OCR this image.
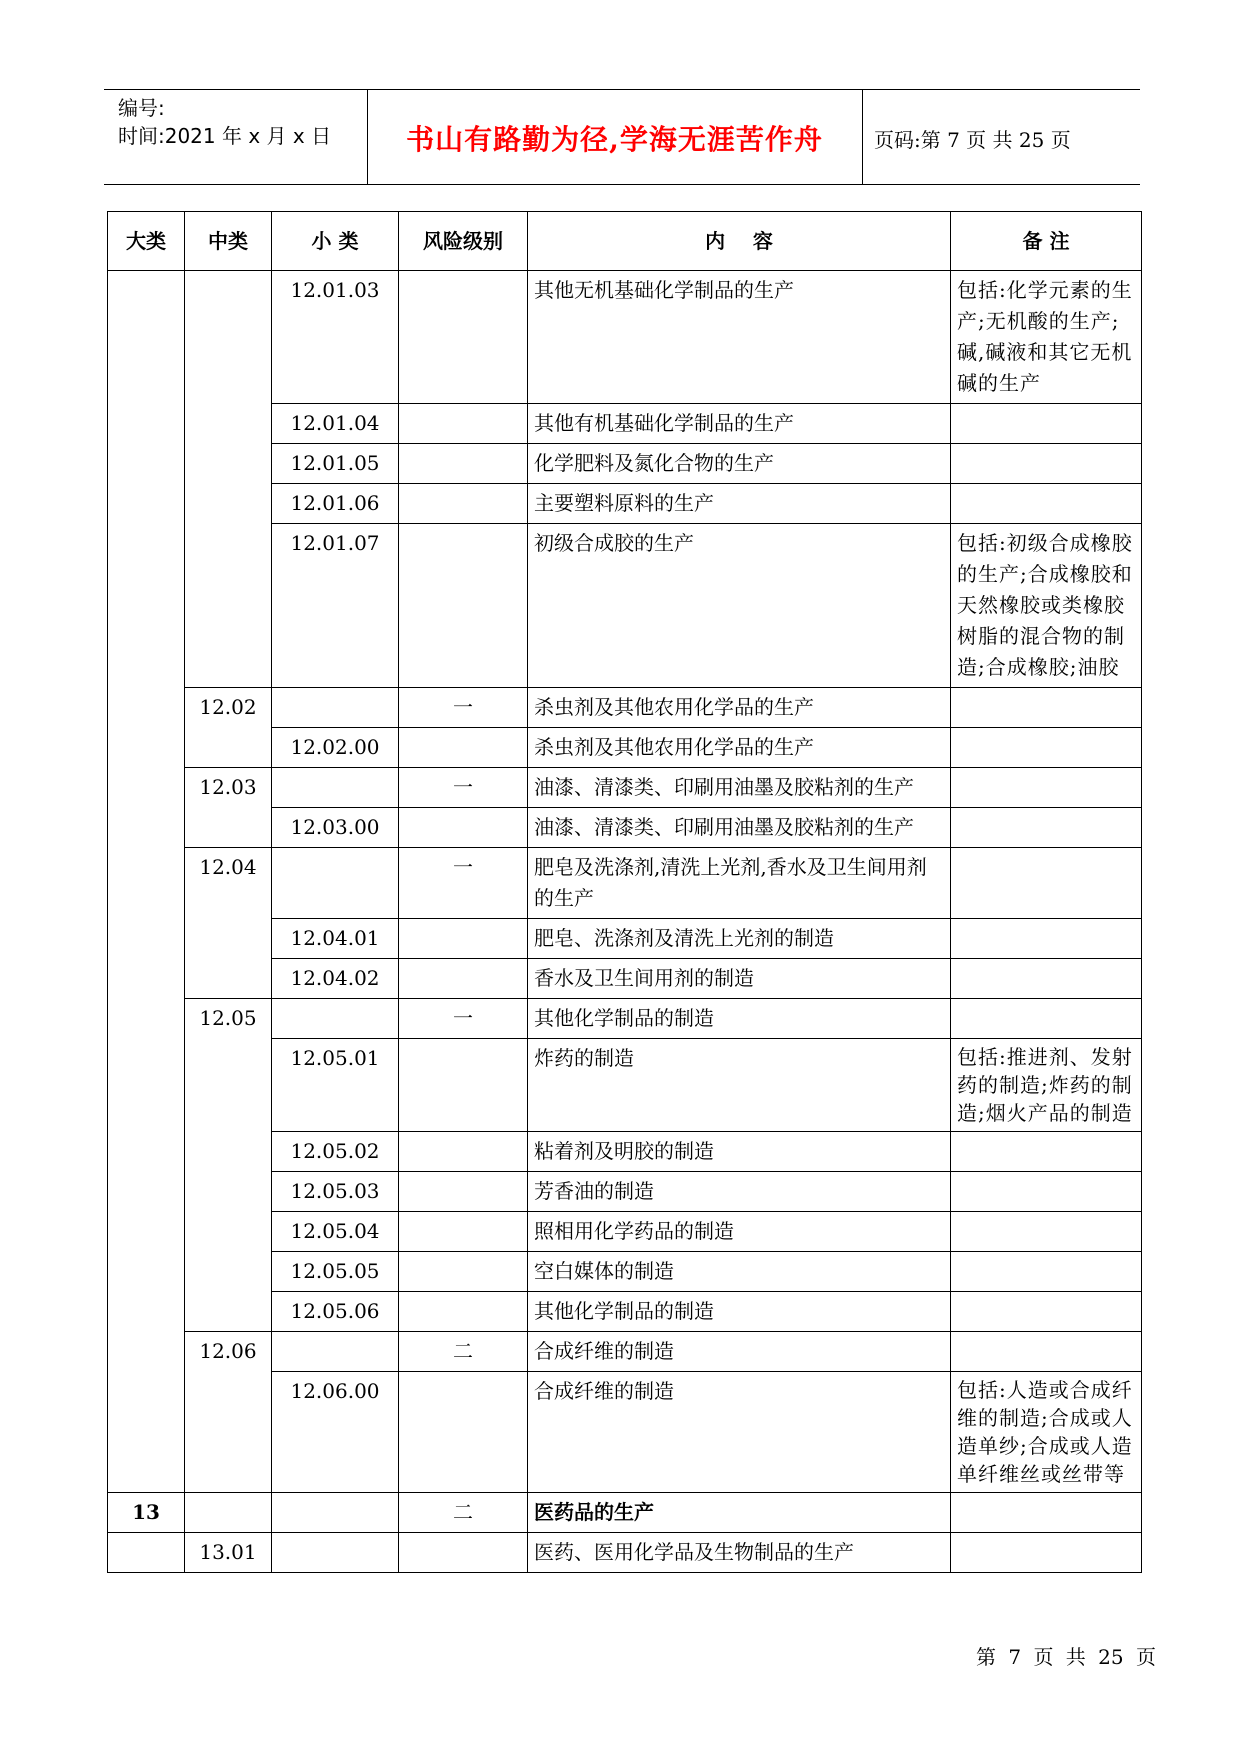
编号:
时间:2021 年 x 月 x 日	书山有路勤为径,学海无涯苦作舟	页码:第 7 页 共 25 页
大类	中类	小 类	风险级别	内    容	备 注
		12.01.03		其他无机基础化学制品的生产	包括:化学元素的生产;无机酸的生产;碱,碱液和其它无机碱的生产
		12.01.04		其他有机基础化学制品的生产	
		12.01.05		化学肥料及氮化合物的生产	
		12.01.06		主要塑料原料的生产	
		12.01.07		初级合成胶的生产	包括:初级合成橡胶的生产;合成橡胶和天然橡胶或类橡胶树脂的混合物的制造;合成橡胶;油胶
	12.02		一	杀虫剂及其他农用化学品的生产	
		12.02.00		杀虫剂及其他农用化学品的生产	
	12.03		一	油漆、清漆类、印刷用油墨及胶粘剂的生产	
		12.03.00		油漆、清漆类、印刷用油墨及胶粘剂的生产	
	12.04		一	肥皂及洗涤剂,清洗上光剂,香水及卫生间用剂的生产	
		12.04.01		肥皂、洗涤剂及清洗上光剂的制造	
		12.04.02		香水及卫生间用剂的制造	
	12.05		一	其他化学制品的制造	
		12.05.01		炸药的制造	包括:推进剂、发射药的制造;炸药的制造;烟火产品的制造
		12.05.02		粘着剂及明胶的制造	
		12.05.03		芳香油的制造	
		12.05.04		照相用化学药品的制造	
		12.05.05		空白媒体的制造	
		12.05.06		其他化学制品的制造	
	12.06		二	合成纤维的制造	
		12.06.00		合成纤维的制造	包括:人造或合成纤维的制造;合成或人造单纱;合成或人造单纤维丝或丝带等
13			二	医药品的生产	
	13.01			医药、医用化学品及生物制品的生产	
第 7 页 共 25 页
